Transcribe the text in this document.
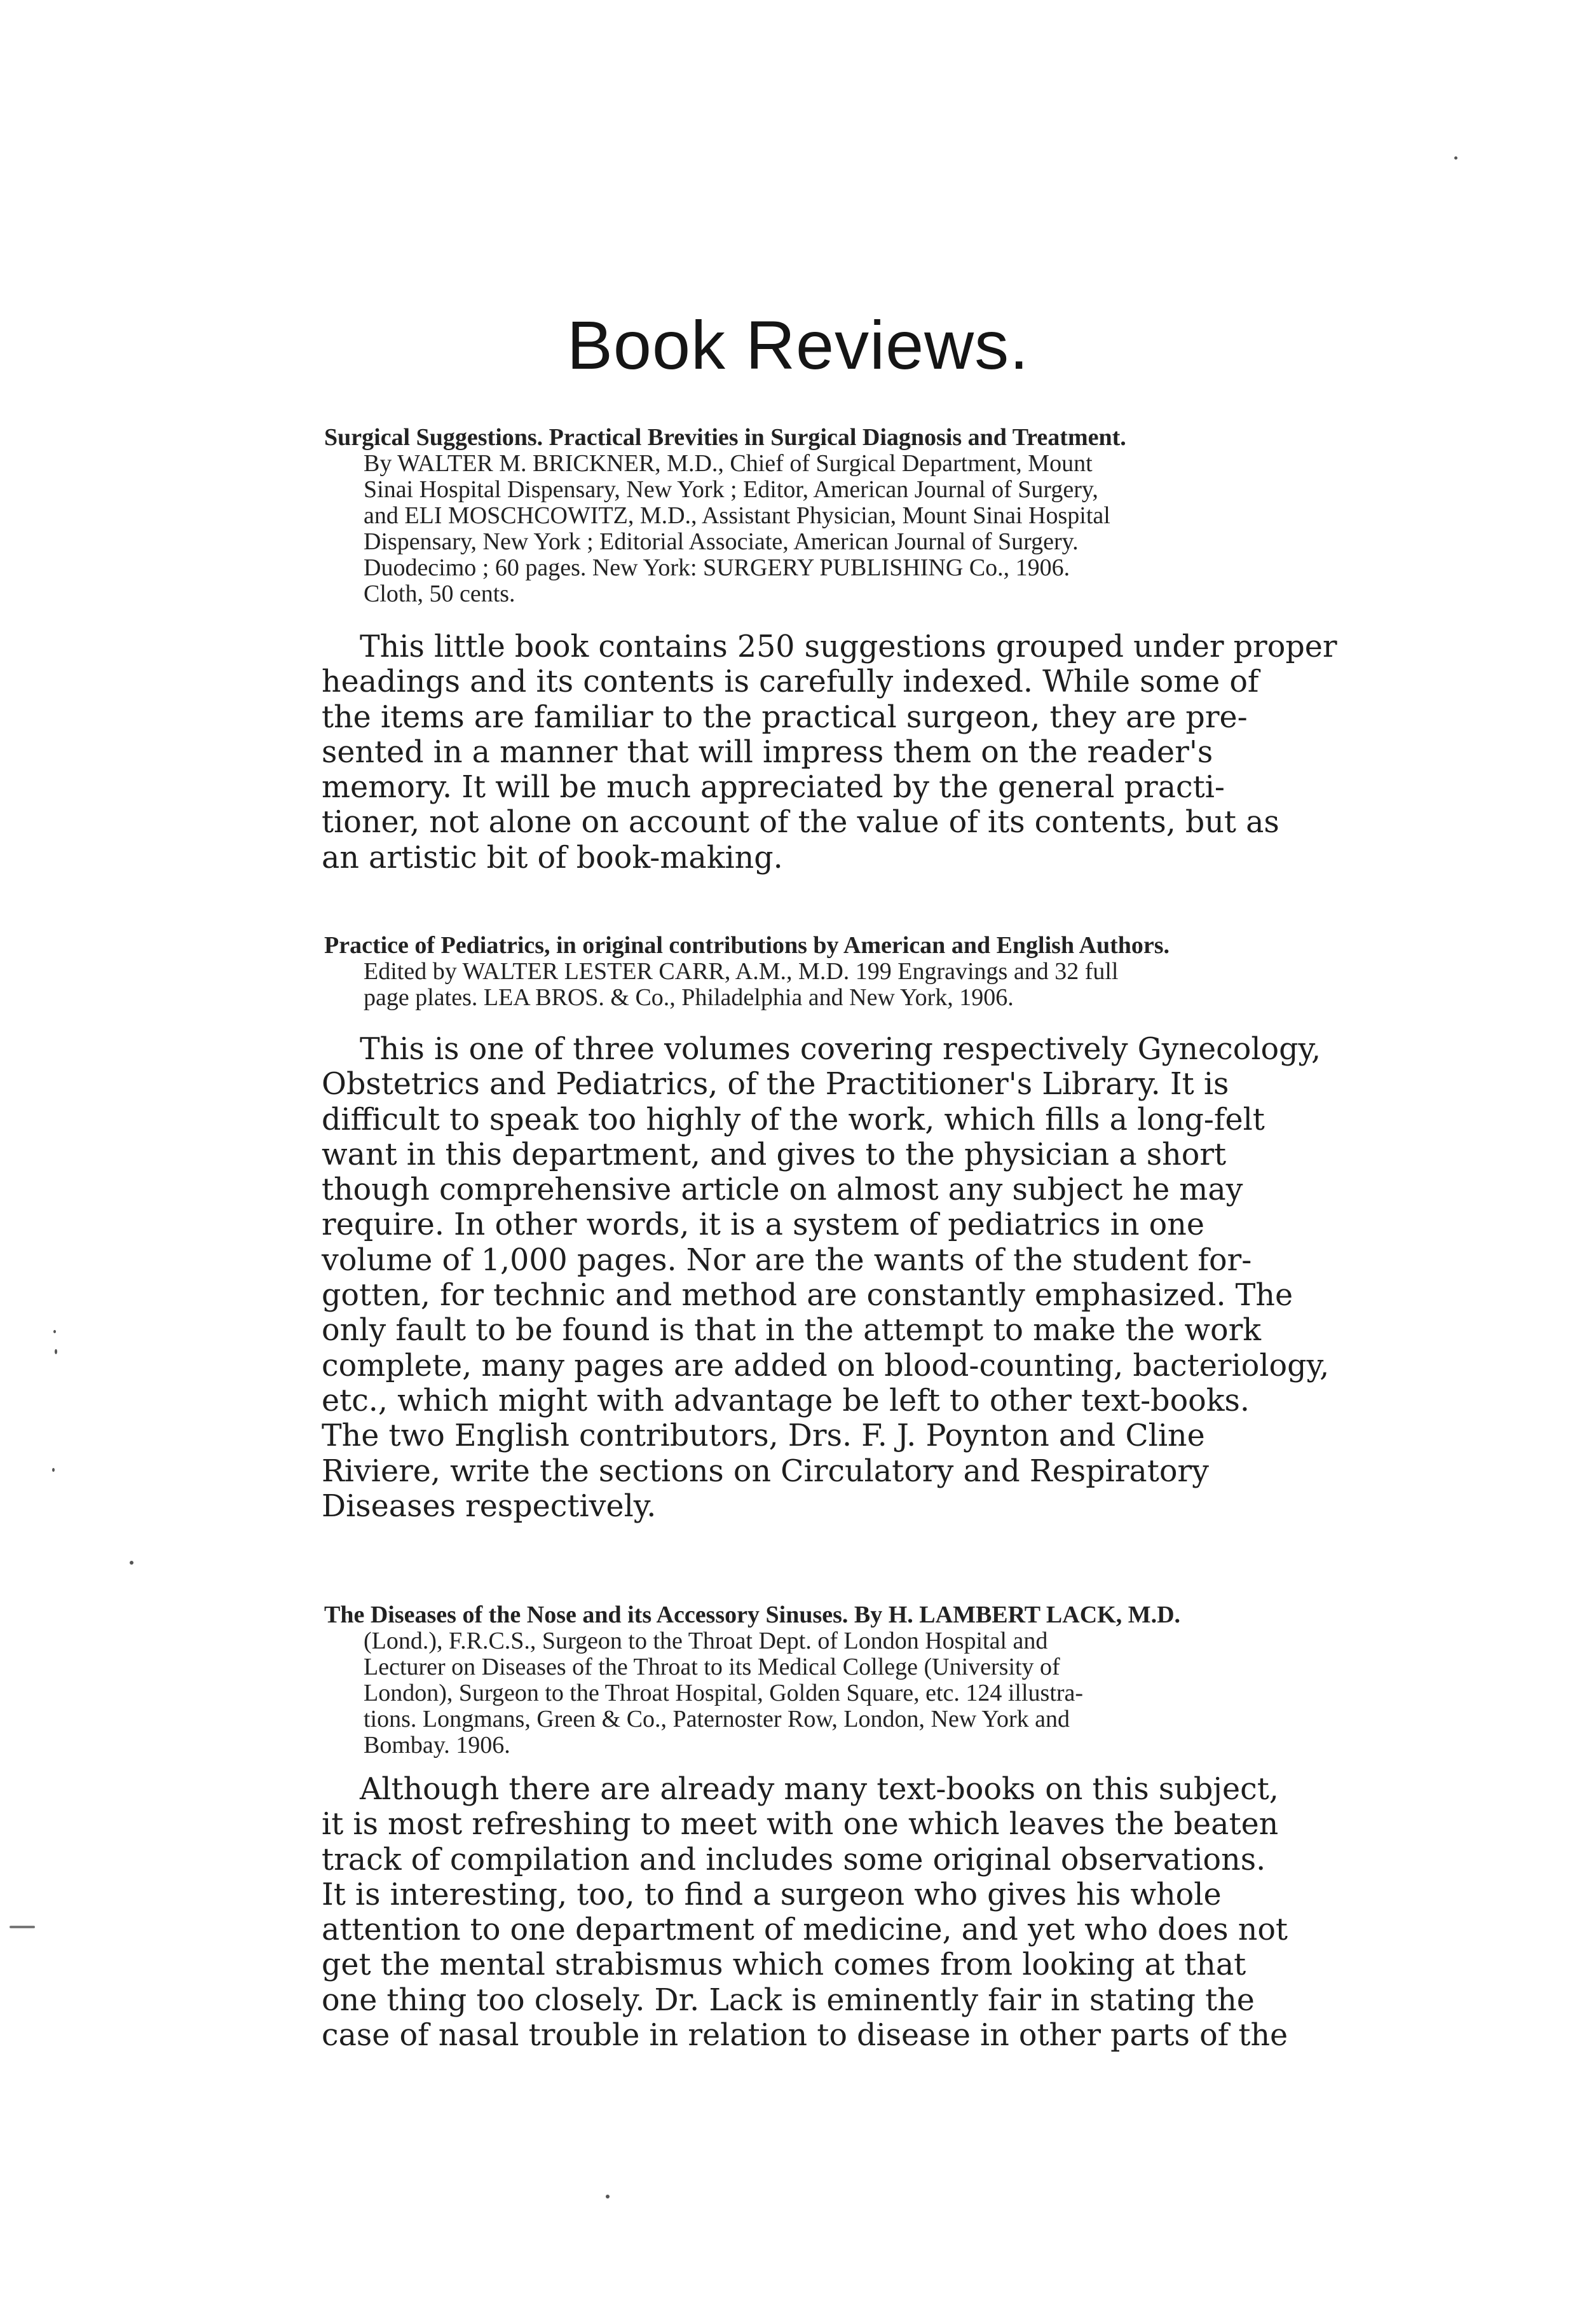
Book Reviews.
Surgical Suggestions. Practical Brevities in Surgical Diagnosis and Treatment.
By WALTER M. BRICKNER, M.D., Chief of Surgical Department, Mount
Sinai Hospital Dispensary, New York ; Editor, American Journal of Surgery,
and ELI MOSCHCOWITZ, M.D., Assistant Physician, Mount Sinai Hospital
Dispensary, New York ; Editorial Associate, American Journal of Surgery.
Duodecimo ; 60 pages. New York: SURGERY PUBLISHING Co., 1906.
Cloth, 50 cents.
This little book contains 250 suggestions grouped under proper
headings and its contents is carefully indexed. While some of
the items are familiar to the practical surgeon, they are pre-
sented in a manner that will impress them on the reader's
memory. It will be much appreciated by the general practi-
tioner, not alone on account of the value of its contents, but as
an artistic bit of book-making.
Practice of Pediatrics, in original contributions by American and English Authors.
Edited by WALTER LESTER CARR, A.M., M.D. 199 Engravings and 32 full
page plates. LEA BROS. & Co., Philadelphia and New York, 1906.
This is one of three volumes covering respectively Gynecology,
Obstetrics and Pediatrics, of the Practitioner's Library. It is
difficult to speak too highly of the work, which fills a long-felt
want in this department, and gives to the physician a short
though comprehensive article on almost any subject he may
require. In other words, it is a system of pediatrics in one
volume of 1,000 pages. Nor are the wants of the student for-
gotten, for technic and method are constantly emphasized. The
only fault to be found is that in the attempt to make the work
complete, many pages are added on blood-counting, bacteriology,
etc., which might with advantage be left to other text-books.
The two English contributors, Drs. F. J. Poynton and Cline
Riviere, write the sections on Circulatory and Respiratory
Diseases respectively.
The Diseases of the Nose and its Accessory Sinuses. By H. LAMBERT LACK, M.D.
(Lond.), F.R.C.S., Surgeon to the Throat Dept. of London Hospital and
Lecturer on Diseases of the Throat to its Medical College (University of
London), Surgeon to the Throat Hospital, Golden Square, etc. 124 illustra-
tions. Longmans, Green & Co., Paternoster Row, London, New York and
Bombay. 1906.
Although there are already many text-books on this subject,
it is most refreshing to meet with one which leaves the beaten
track of compilation and includes some original observations.
It is interesting, too, to find a surgeon who gives his whole
attention to one department of medicine, and yet who does not
get the mental strabismus which comes from looking at that
one thing too closely. Dr. Lack is eminently fair in stating the
case of nasal trouble in relation to disease in other parts of the
